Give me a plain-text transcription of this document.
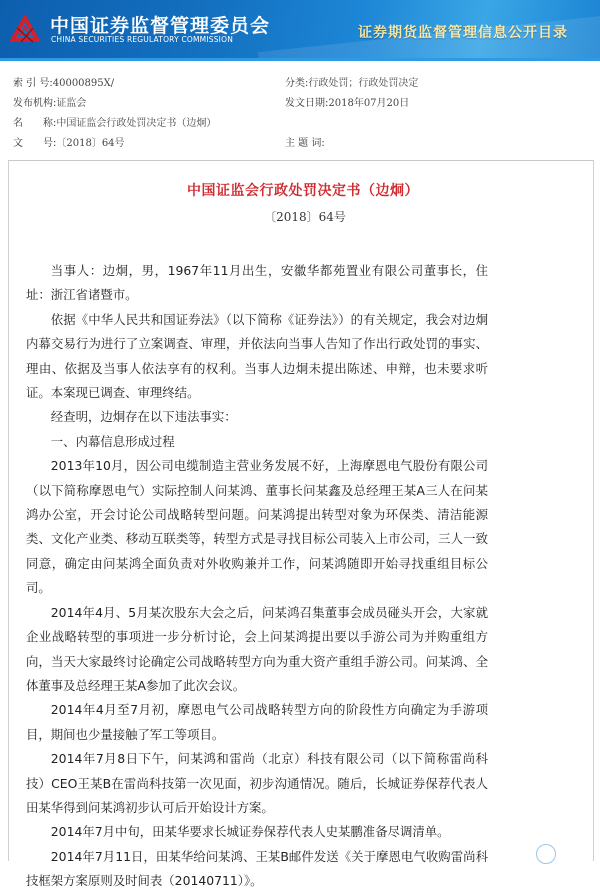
中国证券监督管理委员会
CHINA SECURITIES REGULATORY COMMISSION	证券期货监督管理信息公开目录
索 引 号:40000895X/	分类:行政处罚；行政处罚决定
发布机构:证监会	发文日期:2018年07月20日
名　　称:中国证监会行政处罚决定书（边炯）
文　　号:〔2018〕64号	主 题 词:
中国证监会行政处罚决定书（边炯）
〔2018〕64号

当事人：边炯，男，1967年11月出生，安徽华都苑置业有限公司董事长，住址：浙江省诸暨市。

依据《中华人民共和国证券法》（以下简称《证券法》）的有关规定，我会对边炯内幕交易行为进行了立案调查、审理，并依法向当事人告知了作出行政处罚的事实、理由、依据及当事人依法享有的权利。当事人边炯未提出陈述、申辩，也未要求听证。本案现已调查、审理终结。

经查明，边炯存在以下违法事实：

一、内幕信息形成过程

2013年10月，因公司电缆制造主营业务发展不好，上海摩恩电气股份有限公司（以下简称摩恩电气）实际控制人问某鸿、董事长问某鑫及总经理王某A三人在问某鸿办公室，开会讨论公司战略转型问题。问某鸿提出转型对象为环保类、清洁能源类、文化产业类、移动互联类等，转型方式是寻找目标公司装入上市公司，三人一致同意，确定由问某鸿全面负责对外收购兼并工作，问某鸿随即开始寻找重组目标公司。

2014年4月、5月某次股东大会之后，问某鸿召集董事会成员碰头开会，大家就企业战略转型的事项进一步分析讨论，会上问某鸿提出要以手游公司为并购重组方向，当天大家最终讨论确定公司战略转型方向为重大资产重组手游公司。问某鸿、全体董事及总经理王某A参加了此次会议。

2014年4月至7月初，摩恩电气公司战略转型方向的阶段性方向确定为手游项目，期间也少量接触了军工等项目。

2014年7月8日下午，问某鸿和雷尚（北京）科技有限公司（以下简称雷尚科技）CEO王某B在雷尚科技第一次见面，初步沟通情况。随后，长城证券保荐代表人田某华得到问某鸿初步认可后开始设计方案。

2014年7月中旬，田某华要求长城证券保荐代表人史某鹏准备尽调清单。

2014年7月11日，田某华给问某鸿、王某B邮件发送《关于摩恩电气收购雷尚科技框架方案原则及时间表（20140711）》。
